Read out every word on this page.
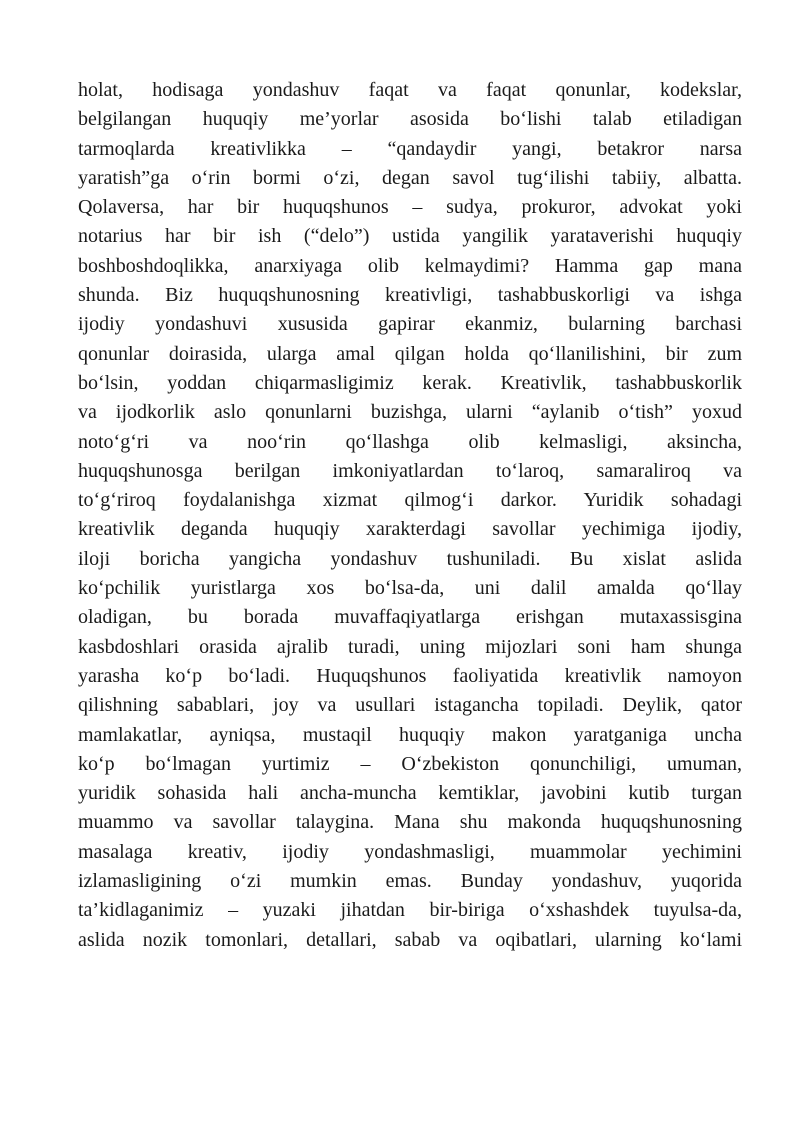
holat, hodisaga yondashuv faqat va faqat qonunlar, kodekslar,
belgilangan huquqiy me’yorlar asosida bo‘lishi talab etiladigan
tarmoqlarda kreativlikka – “qandaydir yangi, betakror narsa
yaratish”ga o‘rin bormi o‘zi, degan savol tug‘ilishi tabiiy, albatta.
Qolaversa, har bir huquqshunos – sudya, prokuror, advokat yoki
notarius har bir ish (“delo”) ustida yangilik yarataverishi huquqiy
boshboshdoqlikka, anarxiyaga olib kelmaydimi? Hamma gap mana
shunda. Biz huquqshunosning kreativligi, tashabbuskorligi va ishga
ijodiy yondashuvi xususida gapirar ekanmiz, bularning barchasi
qonunlar doirasida, ularga amal qilgan holda qo‘llanilishini, bir zum
bo‘lsin, yoddan chiqarmasligimiz kerak. Kreativlik, tashabbuskorlik
va ijodkorlik aslo qonunlarni buzishga, ularni “aylanib o‘tish” yoxud
noto‘g‘ri va noo‘rin qo‘llashga olib kelmasligi, aksincha,
huquqshunosga berilgan imkoniyatlardan to‘laroq, samaraliroq va
to‘g‘riroq foydalanishga xizmat qilmog‘i darkor. Yuridik sohadagi
kreativlik deganda huquqiy xarakterdagi savollar yechimiga ijodiy,
iloji boricha yangicha yondashuv tushuniladi. Bu xislat aslida
ko‘pchilik yuristlarga xos bo‘lsa-da, uni dalil amalda qo‘llay
oladigan, bu borada muvaffaqiyatlarga erishgan mutaxassisgina
kasbdoshlari orasida ajralib turadi, uning mijozlari soni ham shunga
yarasha ko‘p bo‘ladi. Huquqshunos faoliyatida kreativlik namoyon
qilishning sabablari, joy va usullari istagancha topiladi. Deylik, qator
mamlakatlar, ayniqsa, mustaqil huquqiy makon yaratganiga uncha
ko‘p bo‘lmagan yurtimiz – O‘zbekiston qonunchiligi, umuman,
yuridik sohasida hali ancha-muncha kemtiklar, javobini kutib turgan
muammo va savollar talaygina. Mana shu makonda huquqshunosning
masalaga kreativ, ijodiy yondashmasligi, muammolar yechimini
izlamasligining o‘zi mumkin emas. Bunday yondashuv, yuqorida
ta’kidlaganimiz – yuzaki jihatdan bir-biriga o‘xshashdek tuyulsa-da,
aslida nozik tomonlari, detallari, sabab va oqibatlari, ularning ko‘lami
